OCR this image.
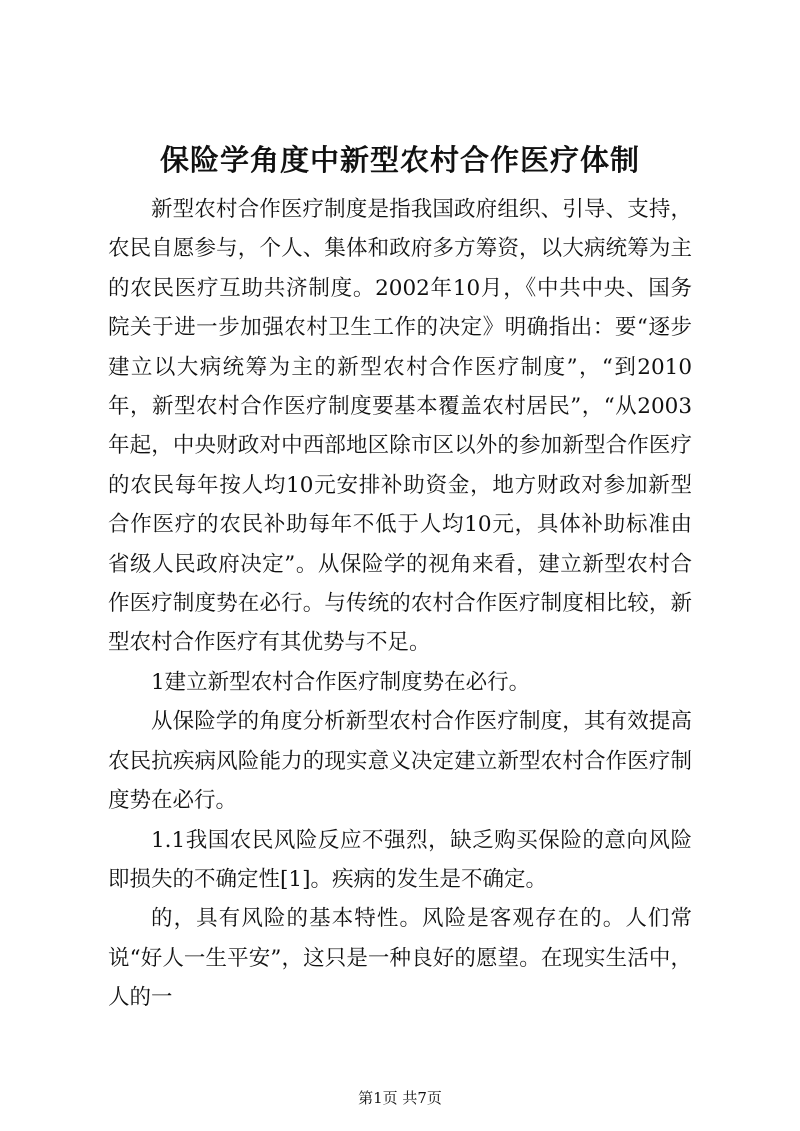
保险学角度中新型农村合作医疗体制

新型农村合作医疗制度是指我国政府组织、引导、支持，农民自愿参与，个人、集体和政府多方筹资，以大病统筹为主的农民医疗互助共济制度。2002年10月，《中共中央、国务院关于进一步加强农村卫生工作的决定》明确指出：要“逐步建立以大病统筹为主的新型农村合作医疗制度”，“到2010年，新型农村合作医疗制度要基本覆盖农村居民”，“从2003年起，中央财政对中西部地区除市区以外的参加新型合作医疗的农民每年按人均10元安排补助资金，地方财政对参加新型合作医疗的农民补助每年不低于人均10元，具体补助标准由省级人民政府决定”。从保险学的视角来看，建立新型农村合作医疗制度势在必行。与传统的农村合作医疗制度相比较，新型农村合作医疗有其优势与不足。

1建立新型农村合作医疗制度势在必行。

从保险学的角度分析新型农村合作医疗制度，其有效提高农民抗疾病风险能力的现实意义决定建立新型农村合作医疗制度势在必行。

1.1我国农民风险反应不强烈，缺乏购买保险的意向风险即损失的不确定性[1]。疾病的发生是不确定。

的，具有风险的基本特性。风险是客观存在的。人们常说“好人一生平安”，这只是一种良好的愿望。在现实生活中，人的一

第1页 共7页
